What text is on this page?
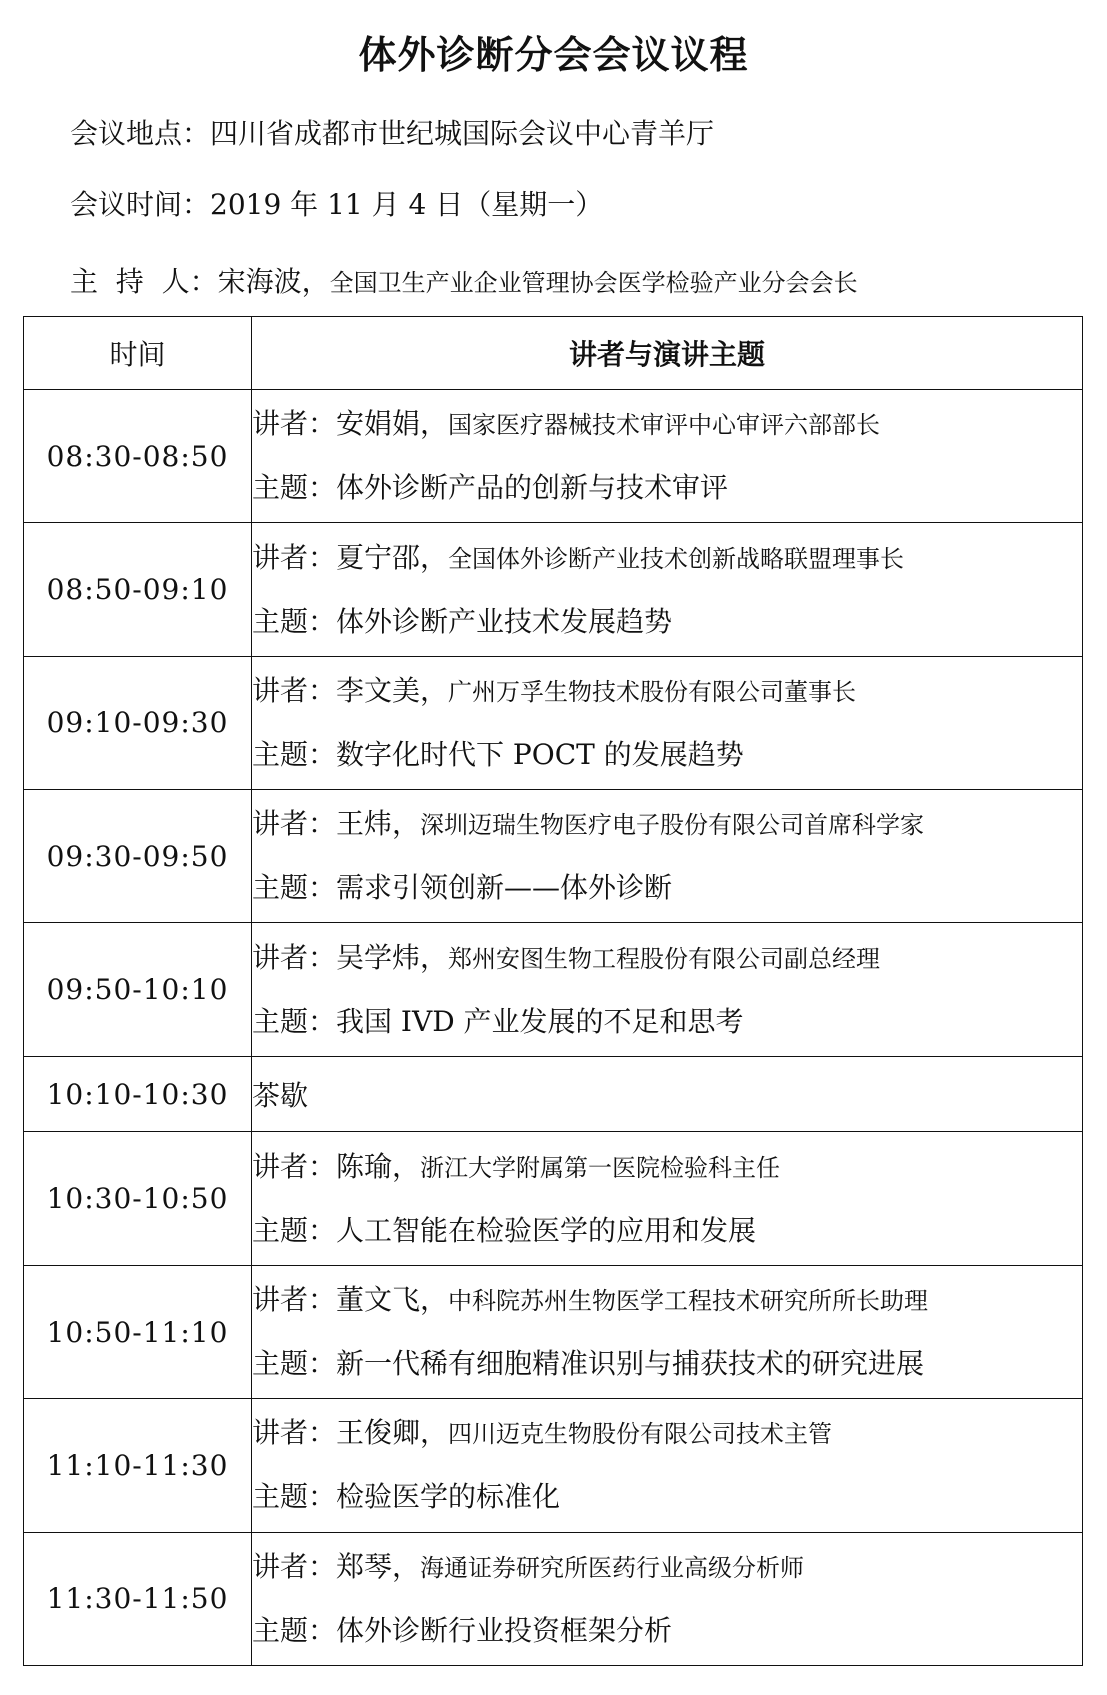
体外诊断分会会议议程
会议地点：四川省成都市世纪城国际会议中心青羊厅
会议时间：2019 年 11 月 4 日（星期一）
主  持  人：宋海波，全国卫生产业企业管理协会医学检验产业分会会长
时间	讲者与演讲主题
08:30-08:50	讲者：安娟娟，国家医疗器械技术审评中心审评六部部长
主题：体外诊断产品的创新与技术审评

08:50-09:10	讲者：夏宁邵，全国体外诊断产业技术创新战略联盟理事长
主题：体外诊断产业技术发展趋势

09:10-09:30	讲者：李文美，广州万孚生物技术股份有限公司董事长
主题：数字化时代下 POCT 的发展趋势

09:30-09:50	讲者：王炜，深圳迈瑞生物医疗电子股份有限公司首席科学家
主题：需求引领创新——体外诊断

09:50-10:10	讲者：吴学炜，郑州安图生物工程股份有限公司副总经理
主题：我国 IVD 产业发展的不足和思考

10:10-10:30	茶歇
10:30-10:50	讲者：陈瑜，浙江大学附属第一医院检验科主任
主题：人工智能在检验医学的应用和发展

10:50-11:10	讲者：董文飞，中科院苏州生物医学工程技术研究所所长助理
主题：新一代稀有细胞精准识别与捕获技术的研究进展

11:10-11:30	讲者：王俊卿，四川迈克生物股份有限公司技术主管
主题：检验医学的标准化

11:30-11:50	讲者：郑琴，海通证券研究所医药行业高级分析师
主题：体外诊断行业投资框架分析
